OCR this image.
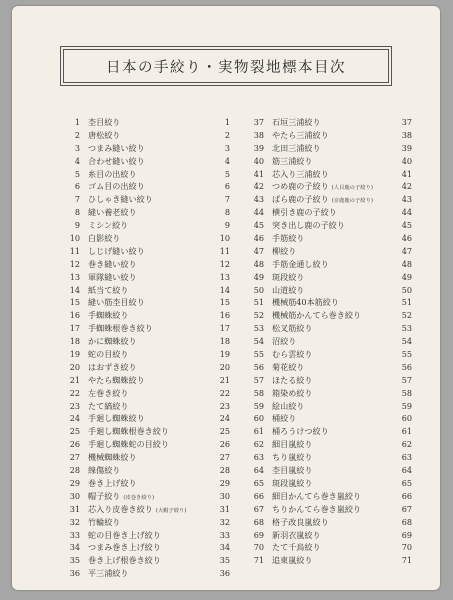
日本の手絞り・実物裂地標本目次
1 杢目絞り	1
2 唐松絞り	2
3 つまみ縫い絞り	3
4 合わせ縫い絞り	4
5 糸目の出絞り	5
6 ゴム目の出絞り	6
7 ひしゃき縫い絞り	7
8 縫い養老絞り	8
9 ミシン絞り	9
10 白影絞り	10
11 しじげ縫い絞り	11
12 巻き縫い絞り	12
13 軍隊縫い絞り	13
14 紙当て絞り	14
15 縫い筋杢目絞り	15
16 手蜘蛛絞り	16
17 手蜘蛛根巻き絞り	17
18 かに蜘蛛絞り	18
19 蛇の目絞り	19
20 はおずき絞り	20
21 やたら蜘蛛絞り	21
22 左巻き絞り	22
23 たて縞絞り	23
24 手廻し蜘蛛絞り	24
25 手廻し蜘蛛根巻き絞り	25
26 手廻し蜘蛛蛇の目絞り	26
27 機械蜘蛛絞り	27
28 線傷絞り	28
29 巻き上げ絞り	29
30 帽子絞り (皮巻き絞り)	30
31 芯入り皮巻き絞り (大帽子絞り)	31
32 竹輪絞り	32
33 蛇の目巻き上げ絞り	33
34 つまみ巻き上げ絞り	34
35 巻き上げ根巻き絞り	35
36 平三浦絞り	36
37 石垣三浦絞り	37
38 やたら三浦絞り	38
39 北田三浦絞り	39
40 筋三浦絞り	40
41 芯入り三浦絞り	41
42 つめ鹿の子絞り (人目鹿の子絞り)	42
43 ばら鹿の子絞り (京鹿鹿の子絞り)	43
44 横引き鹿の子絞り	44
45 突き出し鹿の子絞り	45
46 手筋絞り	46
47 柳絞り	47
48 手筋金通し絞り	48
49 斑段絞り	49
50 山道絞り	50
51 機械筋40本筋絞り	51
52 機械筋かんてら巻き絞り	52
53 松叉筋絞り	53
54 沼絞り	54
55 むら雲絞り	55
56 菊花絞り	56
57 ほたる絞り	57
58 箱染め絞り	58
59 絵山絞り	59
60 桶絞り	60
61 桶ろうけつ絞り	61
62 細目嵐絞り	62
63 ちり嵐絞り	63
64 杢目嵐絞り	64
65 斑段嵐絞り	65
66 細目かんてら巻き嵐絞り	66
67 ちりかんてら巻き嵐絞り	67
68 格子改良嵐絞り	68
69 新羽衣嵐絞り	69
70 たて千鳥絞り	70
71 追東嵐絞り	71
